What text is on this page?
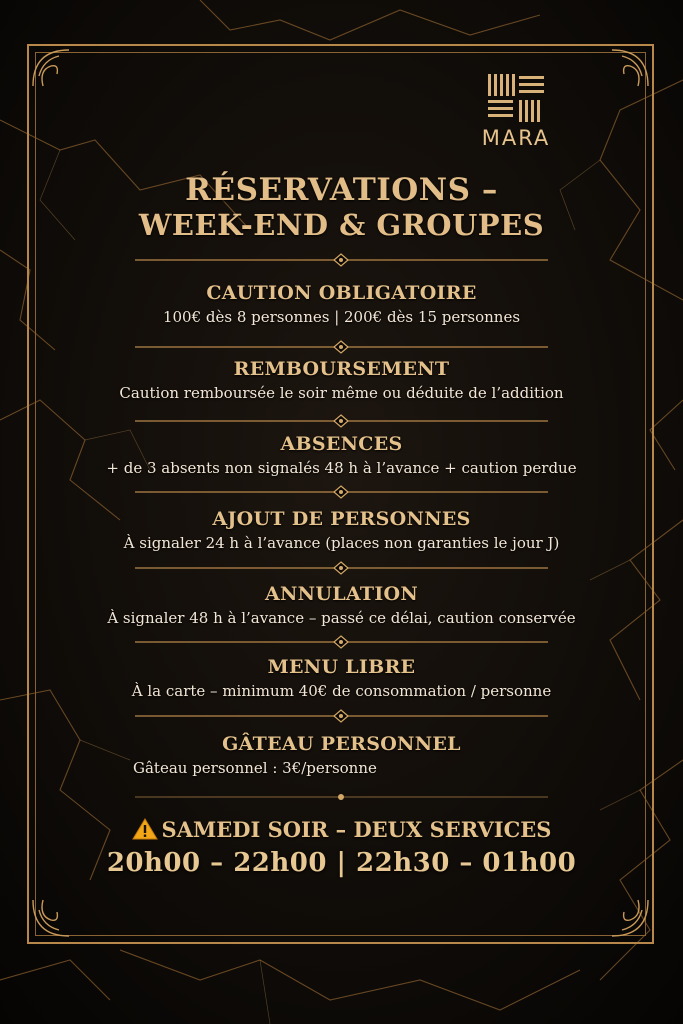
MARA
RÉSERVATIONS –
WEEK-END & GROUPES
CAUTION OBLIGATOIRE
100€ dès 8 personnes | 200€ dès 15 personnes
REMBOURSEMENT
Caution remboursée le soir même ou déduite de l’addition
ABSENCES
+ de 3 absents non signalés 48 h à l’avance + caution perdue
AJOUT DE PERSONNES
À signaler 24 h à l’avance (places non garanties le jour J)
ANNULATION
À signaler 48 h à l’avance – passé ce délai, caution conservée
MENU LIBRE
À la carte – minimum 40€ de consommation / personne
GÂTEAU PERSONNEL
Gâteau personnel : 3€/personne
SAMEDI SOIR – DEUX SERVICES
20h00 – 22h00 | 22h30 – 01h00
